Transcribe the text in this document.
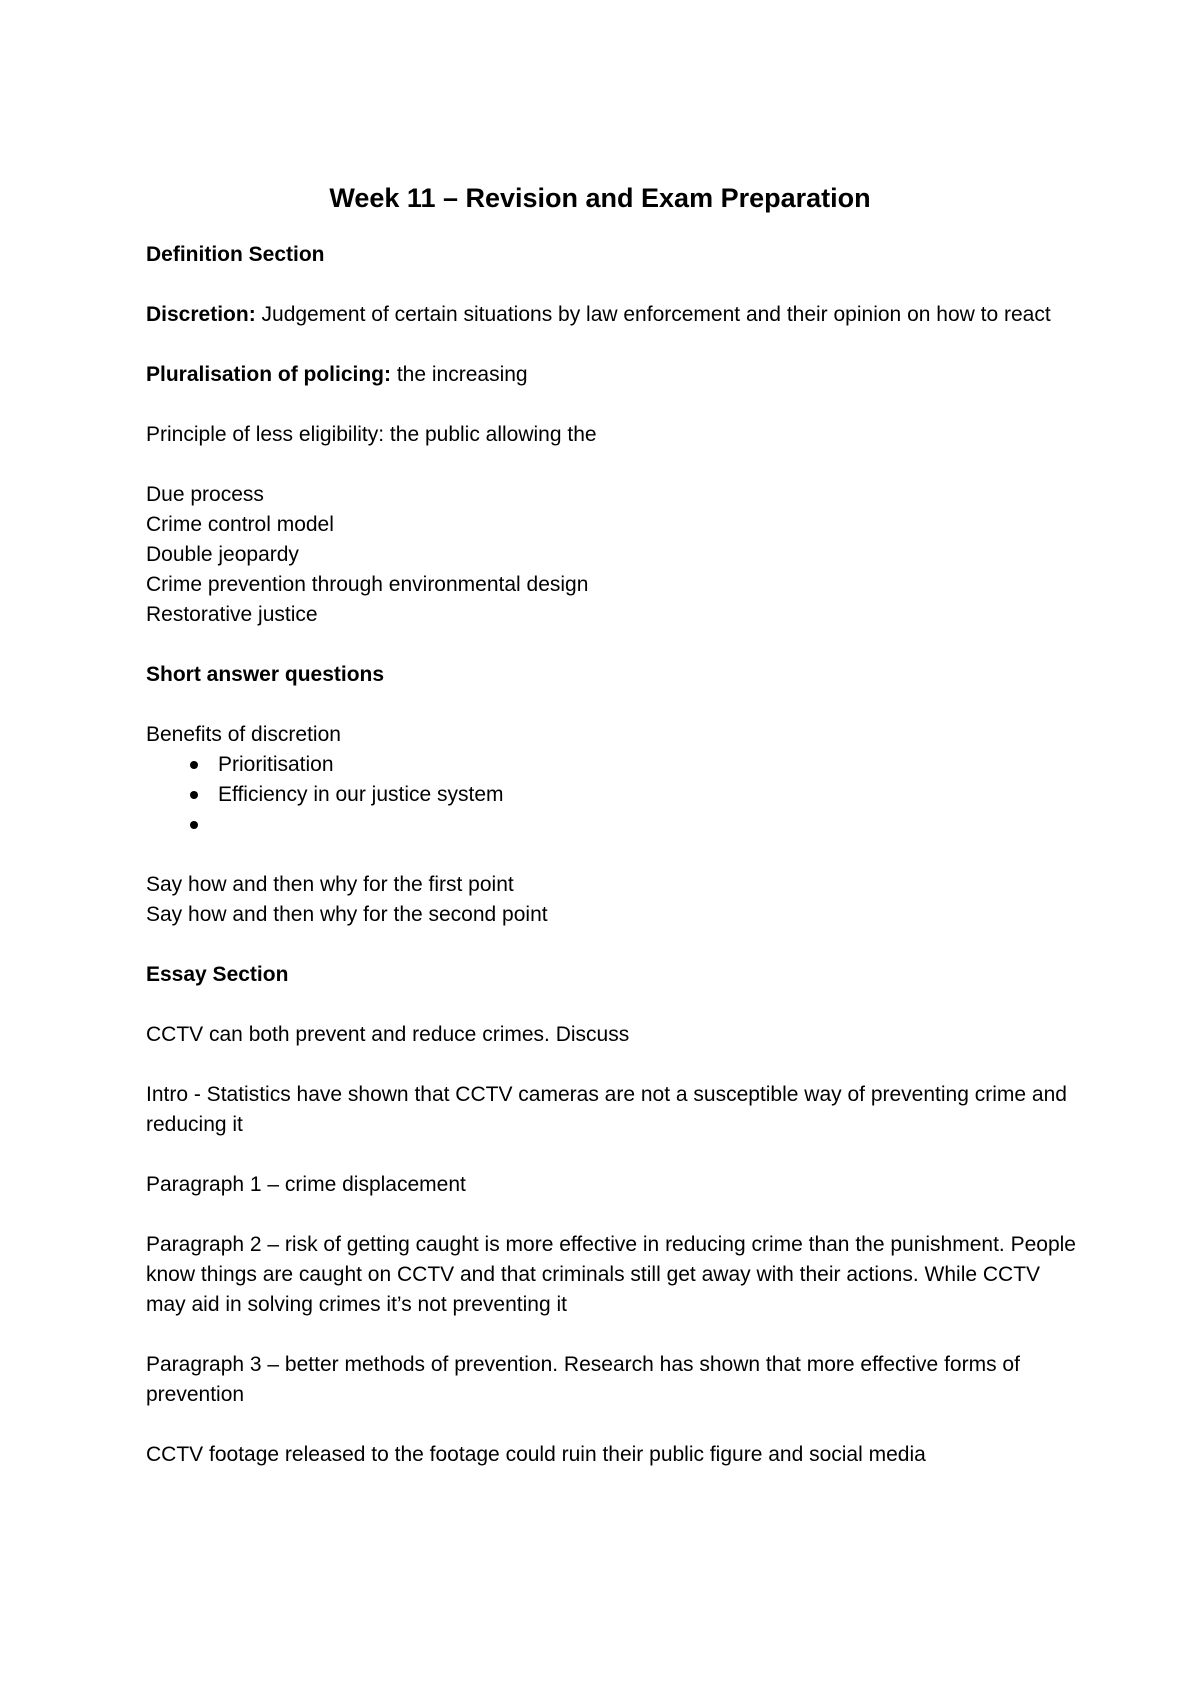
Week 11 – Revision and Exam Preparation
Definition Section
Discretion: Judgement of certain situations by law enforcement and their opinion on how to react
Pluralisation of policing: the increasing
Principle of less eligibility: the public allowing the
Due process
Crime control model
Double jeopardy
Crime prevention through environmental design
Restorative justice
Short answer questions
Benefits of discretion
Prioritisation
Efficiency in our justice system
Say how and then why for the first point
Say how and then why for the second point
Essay Section
CCTV can both prevent and reduce crimes. Discuss
Intro - Statistics have shown that CCTV cameras are not a susceptible way of preventing crime and reducing it
Paragraph 1 – crime displacement
Paragraph 2 – risk of getting caught is more effective in reducing crime than the punishment. People know things are caught on CCTV and that criminals still get away with their actions. While CCTV may aid in solving crimes it’s not preventing it
Paragraph 3 – better methods of prevention. Research has shown that more effective forms of prevention
CCTV footage released to the footage could ruin their public figure and social media
